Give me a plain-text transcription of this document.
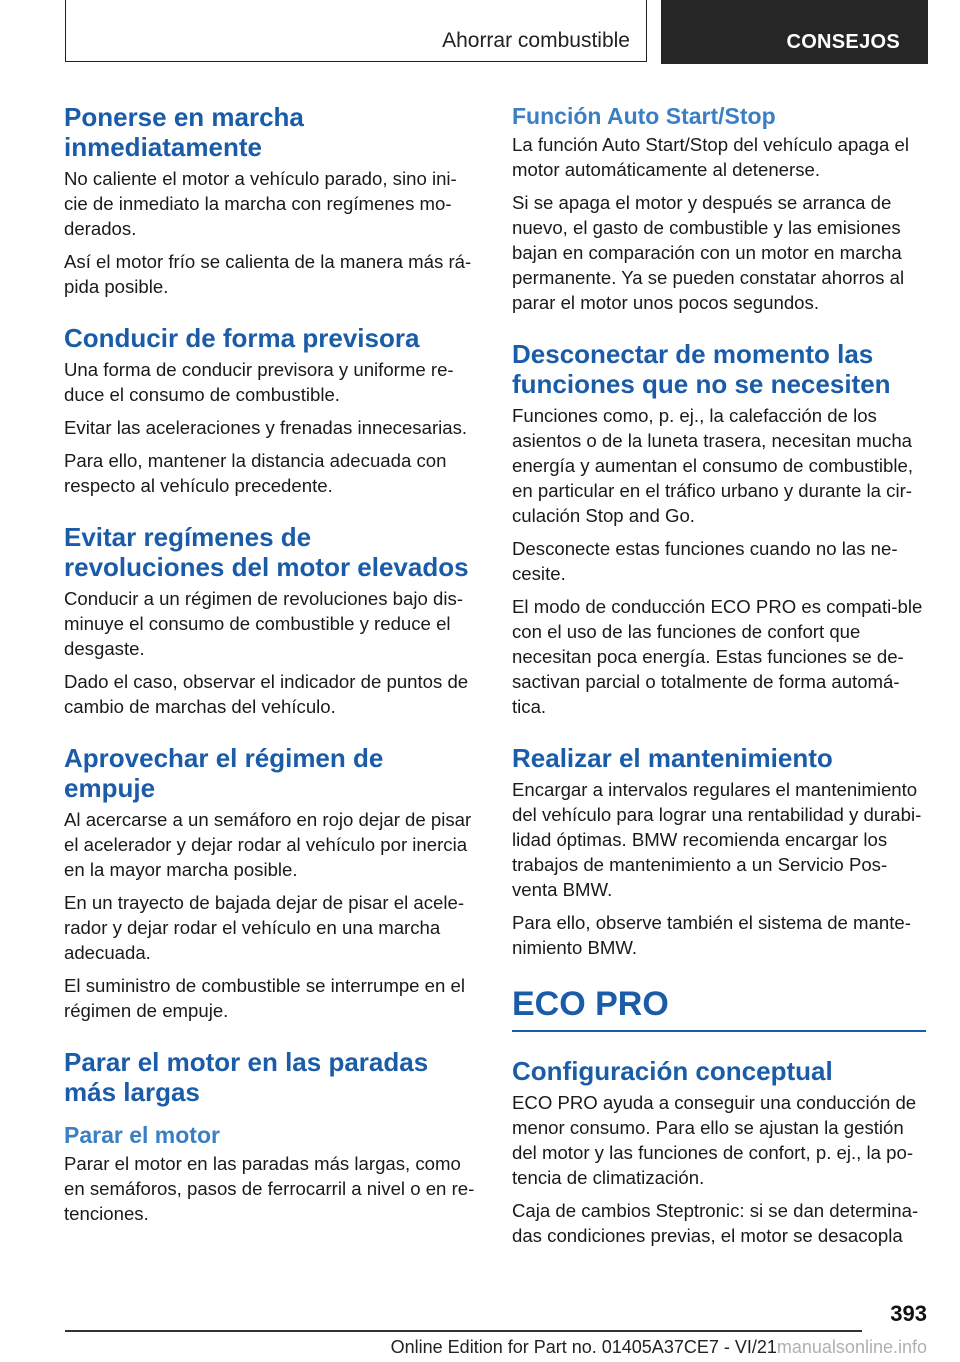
Ahorrar combustible	CONSEJOS
Ponerse en marcha inmediatamente

No caliente el motor a vehículo parado, sino ini-cie de inmediato la marcha con regímenes mo-derados.

Así el motor frío se calienta de la manera más rá-pida posible.

Conducir de forma previsora

Una forma de conducir previsora y uniforme re-duce el consumo de combustible.

Evitar las aceleraciones y frenadas innecesarias.

Para ello, mantener la distancia adecuada con respecto al vehículo precedente.

Evitar regímenes de revoluciones del motor elevados

Conducir a un régimen de revoluciones bajo dis-minuye el consumo de combustible y reduce el desgaste.

Dado el caso, observar el indicador de puntos de cambio de marchas del vehículo.

Aprovechar el régimen de empuje

Al acercarse a un semáforo en rojo dejar de pisar el acelerador y dejar rodar al vehículo por inercia en la mayor marcha posible.

En un trayecto de bajada dejar de pisar el acele-rador y dejar rodar el vehículo en una marcha adecuada.

El suministro de combustible se interrumpe en el régimen de empuje.

Parar el motor en las paradas más largas
Parar el motor

Parar el motor en las paradas más largas, como en semáforos, pasos de ferrocarril a nivel o en re-tenciones.

Función Auto Start/Stop

La función Auto Start/Stop del vehículo apaga el motor automáticamente al detenerse.

Si se apaga el motor y después se arranca de nuevo, el gasto de combustible y las emisiones bajan en comparación con un motor en marcha permanente. Ya se pueden constatar ahorros al parar el motor unos pocos segundos.

Desconectar de momento las funciones que no se necesiten

Funciones como, p. ej., la calefacción de los asientos o de la luneta trasera, necesitan mucha energía y aumentan el consumo de combustible, en particular en el tráfico urbano y durante la cir-culación Stop and Go.

Desconecte estas funciones cuando no las ne-cesite.

El modo de conducción ECO PRO es compati-ble con el uso de las funciones de confort que necesitan poca energía. Estas funciones se de-sactivan parcial o totalmente de forma automá-tica.

Realizar el mantenimiento

Encargar a intervalos regulares el mantenimiento del vehículo para lograr una rentabilidad y durabi-lidad óptimas. BMW recomienda encargar los trabajos de mantenimiento a un Servicio Pos-venta BMW.

Para ello, observe también el sistema de mante-nimiento BMW.

ECO PRO
Configuración conceptual

ECO PRO ayuda a conseguir una conducción de menor consumo. Para ello se ajustan la gestión del motor y las funciones de confort, p. ej., la po-tencia de climatización.

Caja de cambios Steptronic: si se dan determina-das condiciones previas, el motor se desacopla

393
Online Edition for Part no. 01405A37CE7 - VI/21manualsonline.info
